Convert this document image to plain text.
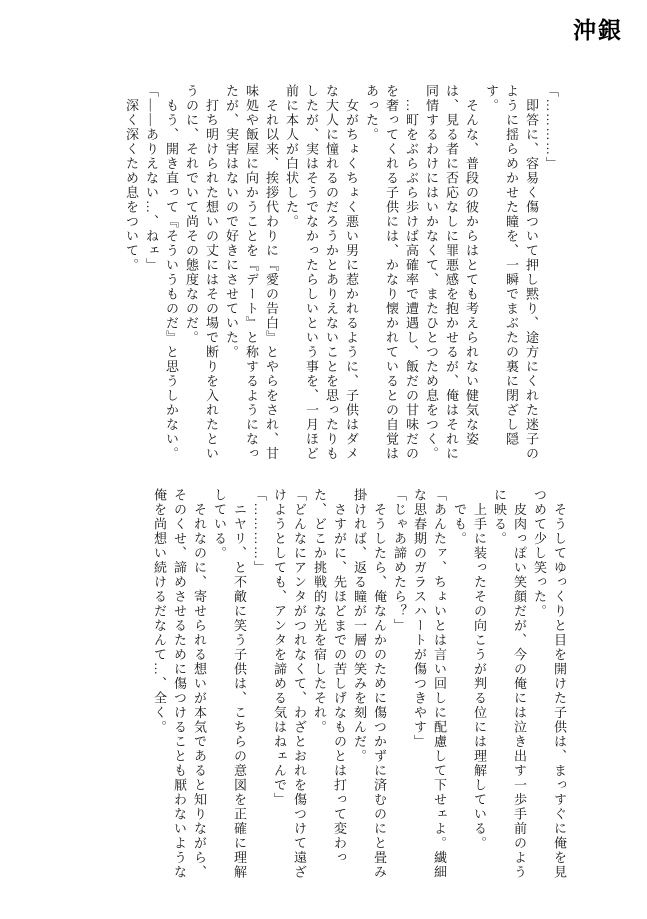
沖銀

「…………」

　即答に、容易く傷ついて押し黙り、途方にくれた迷子のように揺らめかせた瞳を、一瞬でまぶたの裏に閉ざし隠す。

　そんな、普段の彼からはとても考えられない健気な姿は、見る者に否応なしに罪悪感を抱かせるが、俺はそれに同情するわけにはいかなくて、またひとつため息をつく。

　…町をぶらぶら歩けば高確率で遭遇し、飯だの甘味だのを奢ってくれる子供には、かなり懐かれているとの自覚はあった。

　女がちょくちょく悪い男に惹かれるように、子供はダメな大人に憧れるのだろうかとありえないことを思ったりもしたが、実はそうでなかったらしいという事を、一月ほど前に本人が白状した。

　それ以来、挨拶代わりに『愛の告白』とやらをされ、甘味処や飯屋に向かうことを『デート』と称するようになったが、実害はないので好きにさせていた。

　打ち明けられた想いの丈にはその場で断りを入れたというのに、それでいて尚その態度なのだ。

　もう、開き直って『そういうものだ』と思うしかない。

「――ありえない…、ねェ」

　深く深くため息をついて。

　そうしてゆっくりと目を開けた子供は、まっすぐに俺を見つめて少し笑った。

　皮肉っぽい笑顔だが、今の俺には泣き出す一歩手前のように映る。

　上手に装ったその向こうが判る位には理解している。

　でも。

「あんたァ、ちょいとは言い回しに配慮して下せェよ。繊細な思春期のガラスハートが傷つきやす」

「じゃあ諦めたら？」

　そうしたら、俺なんかのために傷つかずに済むのにと畳み掛ければ、返る瞳が一層の笑みを刻んだ。

　さすがに、先ほどまでの苦しげなものとは打って変わった、どこか挑戦的な光を宿したそれ。

「どんなにアンタがつれなくて、わざとおれを傷つけて遠ざけようとしても、アンタを諦める気はねェんで」

「…………」

　ニヤリ、と不敵に笑う子供は、こちらの意図を正確に理解している。

　それなのに、寄せられる想いが本気であると知りながら、そのくせ、諦めさせるために傷つけることも厭わないような俺を尚想い続けるだなんて…、全く。
